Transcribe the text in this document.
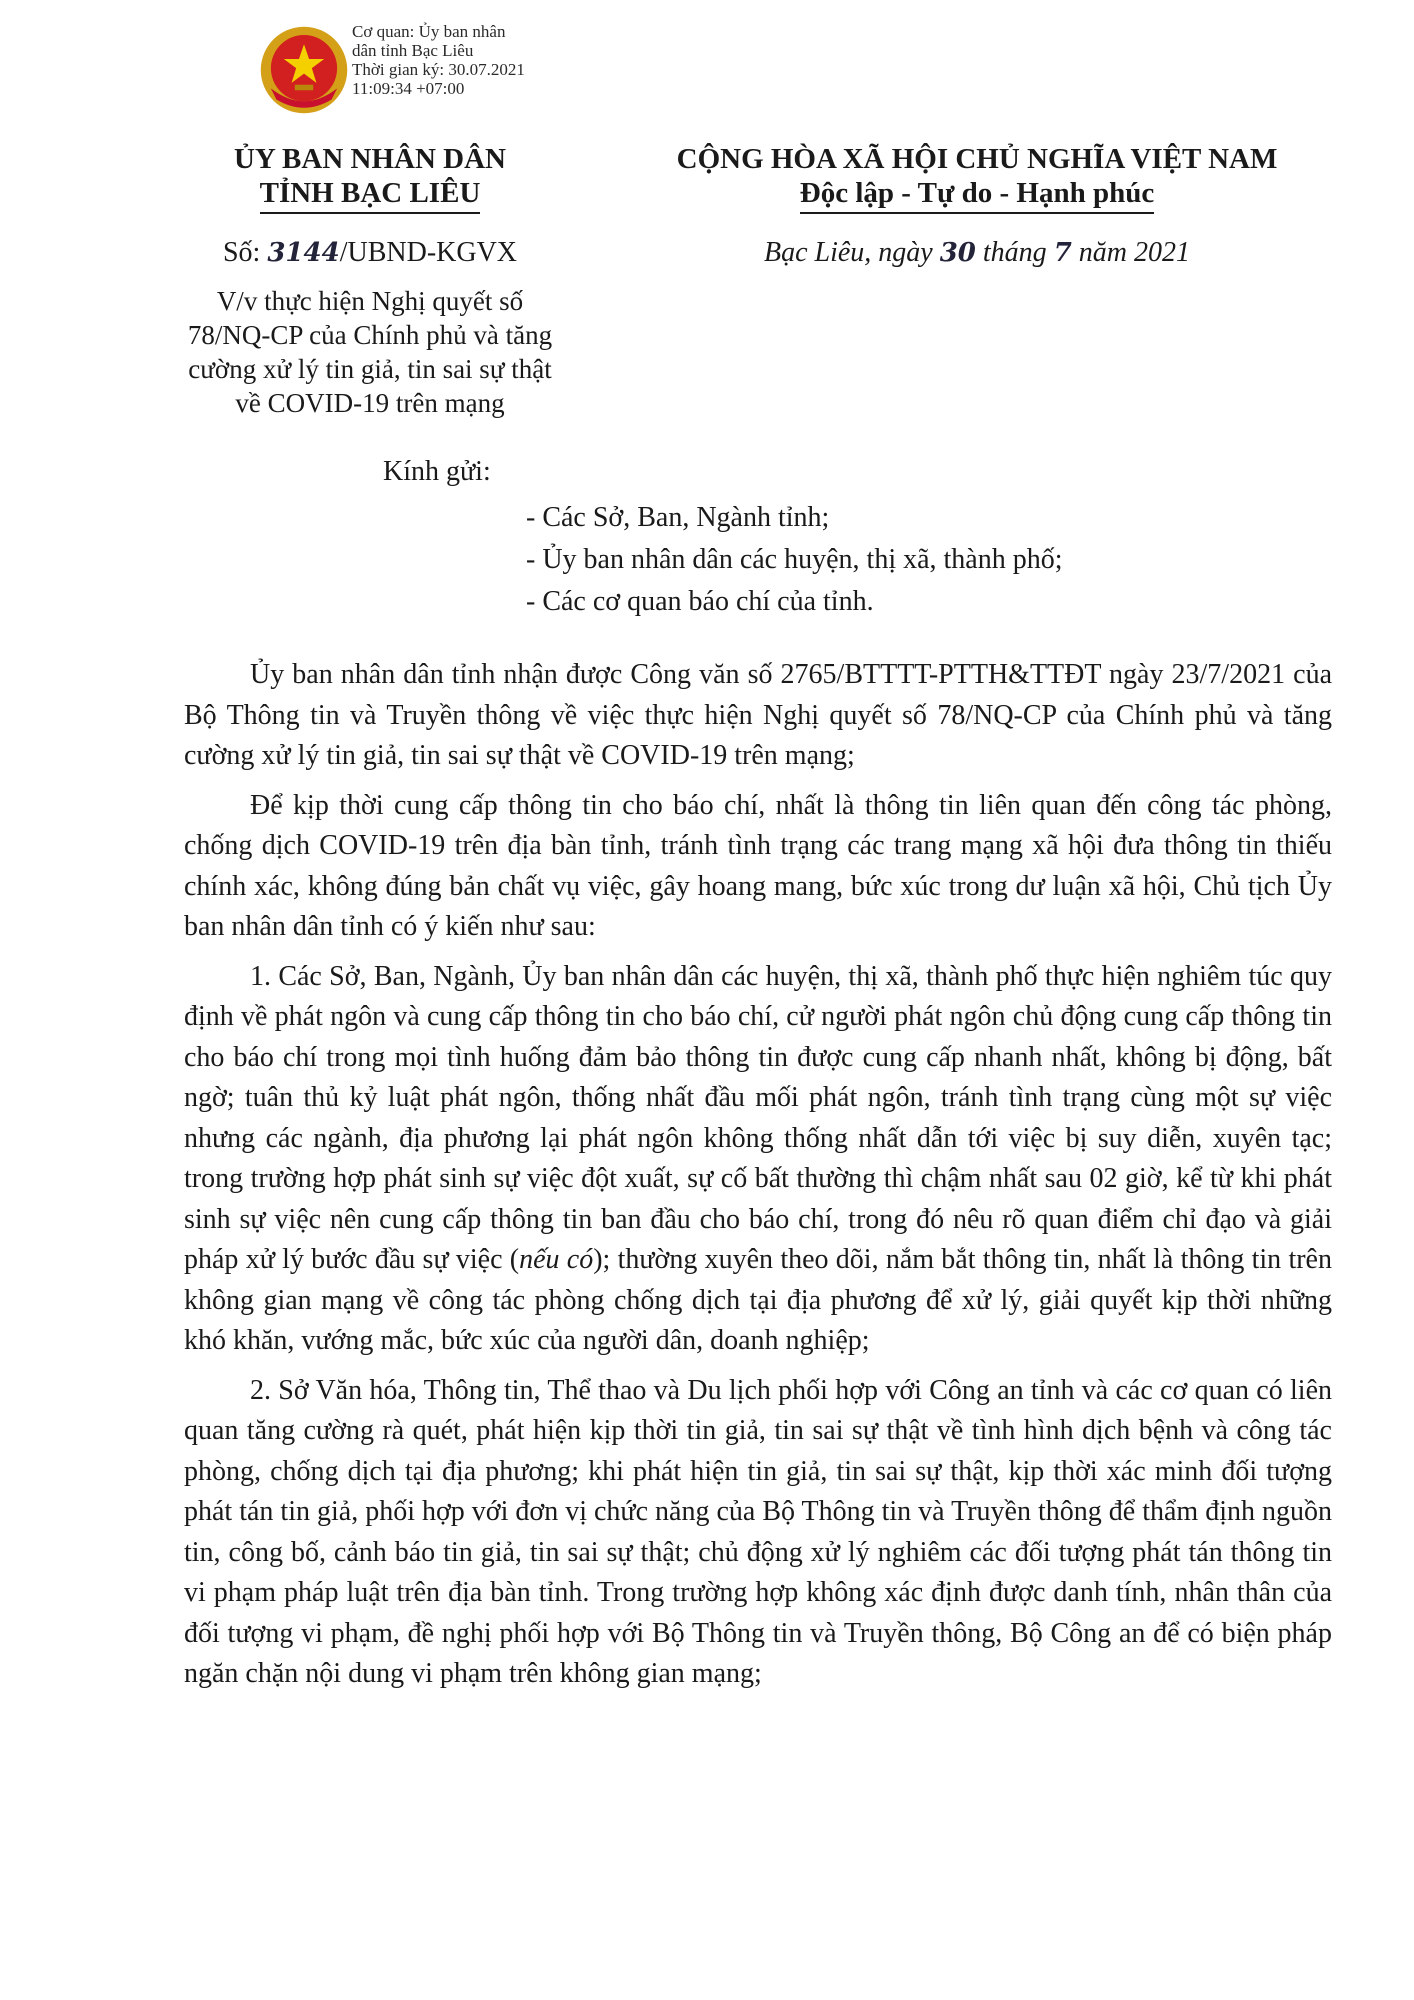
Cơ quan: Ủy ban nhân
dân tỉnh Bạc Liêu
Thời gian ký: 30.07.2021
11:09:34 +07:00
ỦY BAN NHÂN DÂN
TỈNH BẠC LIÊU
Số: 3144/UBND-KGVX
V/v thực hiện Nghị quyết số
78/NQ-CP của Chính phủ và tăng
cường xử lý tin giả, tin sai sự thật
về COVID-19 trên mạng
CỘNG HÒA XÃ HỘI CHỦ NGHĨA VIỆT NAM
Độc lập - Tự do - Hạnh phúc
Bạc Liêu, ngày 30 tháng 7 năm 2021
Kính gửi:
- Các Sở, Ban, Ngành tỉnh;
- Ủy ban nhân dân các huyện, thị xã, thành phố;
- Các cơ quan báo chí của tỉnh.

Ủy ban nhân dân tỉnh nhận được Công văn số 2765/BTTTT-PTTH&TTĐT ngày 23/7/2021 của Bộ Thông tin và Truyền thông về việc thực hiện Nghị quyết số 78/NQ-CP của Chính phủ và tăng cường xử lý tin giả, tin sai sự thật về COVID-19 trên mạng;

Để kịp thời cung cấp thông tin cho báo chí, nhất là thông tin liên quan đến công tác phòng, chống dịch COVID-19 trên địa bàn tỉnh, tránh tình trạng các trang mạng xã hội đưa thông tin thiếu chính xác, không đúng bản chất vụ việc, gây hoang mang, bức xúc trong dư luận xã hội, Chủ tịch Ủy ban nhân dân tỉnh có ý kiến như sau:

1. Các Sở, Ban, Ngành, Ủy ban nhân dân các huyện, thị xã, thành phố thực hiện nghiêm túc quy định về phát ngôn và cung cấp thông tin cho báo chí, cử người phát ngôn chủ động cung cấp thông tin cho báo chí trong mọi tình huống đảm bảo thông tin được cung cấp nhanh nhất, không bị động, bất ngờ; tuân thủ kỷ luật phát ngôn, thống nhất đầu mối phát ngôn, tránh tình trạng cùng một sự việc nhưng các ngành, địa phương lại phát ngôn không thống nhất dẫn tới việc bị suy diễn, xuyên tạc; trong trường hợp phát sinh sự việc đột xuất, sự cố bất thường thì chậm nhất sau 02 giờ, kể từ khi phát sinh sự việc nên cung cấp thông tin ban đầu cho báo chí, trong đó nêu rõ quan điểm chỉ đạo và giải pháp xử lý bước đầu sự việc (nếu có); thường xuyên theo dõi, nắm bắt thông tin, nhất là thông tin trên không gian mạng về công tác phòng chống dịch tại địa phương để xử lý, giải quyết kịp thời những khó khăn, vướng mắc, bức xúc của người dân, doanh nghiệp;

2. Sở Văn hóa, Thông tin, Thể thao và Du lịch phối hợp với Công an tỉnh và các cơ quan có liên quan tăng cường rà quét, phát hiện kịp thời tin giả, tin sai sự thật về tình hình dịch bệnh và công tác phòng, chống dịch tại địa phương; khi phát hiện tin giả, tin sai sự thật, kịp thời xác minh đối tượng phát tán tin giả, phối hợp với đơn vị chức năng của Bộ Thông tin và Truyền thông để thẩm định nguồn tin, công bố, cảnh báo tin giả, tin sai sự thật; chủ động xử lý nghiêm các đối tượng phát tán thông tin vi phạm pháp luật trên địa bàn tỉnh. Trong trường hợp không xác định được danh tính, nhân thân của đối tượng vi phạm, đề nghị phối hợp với Bộ Thông tin và Truyền thông, Bộ Công an để có biện pháp ngăn chặn nội dung vi phạm trên không gian mạng;
